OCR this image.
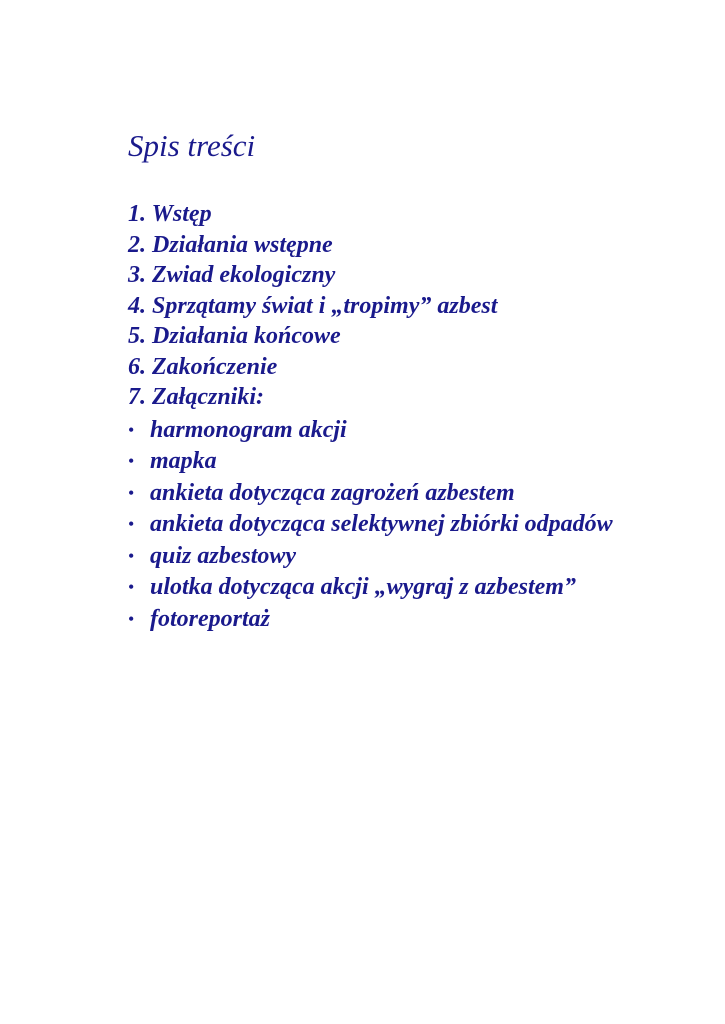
Spis treści
1. Wstęp
2. Działania wstępne
3. Zwiad ekologiczny
4. Sprzątamy świat i „tropimy” azbest
5. Działania końcowe
6. Zakończenie
7. Załączniki:
• harmonogram akcji
• mapka
• ankieta dotycząca zagrożeń azbestem
• ankieta dotycząca selektywnej zbiórki odpadów
• quiz azbestowy
• ulotka dotycząca akcji „wygraj z azbestem”
• fotoreportaż
